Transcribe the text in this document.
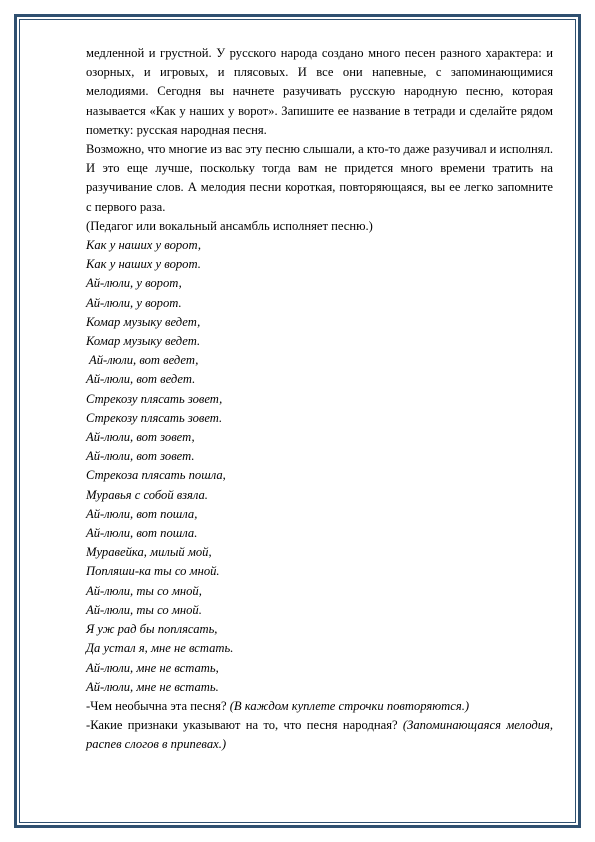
медленной и грустной. У русского народа создано много песен разного характера: и озорных, и игровых, и плясовых. И все они напевные, с запоминающимися мелодиями. Сегодня вы начнете разучивать русскую народную песню, которая называется «Как у наших у ворот». Запишите ее название в тетради и сделайте рядом пометку: русская народная песня.

Возможно, что многие из вас эту песню слышали, а кто-то даже разучивал и исполнял. И это еще лучше, поскольку тогда вам не придется много времени тратить на разучивание слов. А мелодия песни короткая, повторяющаяся, вы ее легко запомните с первого раза.

(Педагог или вокальный ансамбль исполняет песню.)

Как у наших у ворот,

Как у наших у ворот.

Ай-люли, у ворот,

Ай-люли, у ворот.

Комар музыку ведет,

Комар музыку ведет.

Ай-люли, вот ведет,

Ай-люли, вот ведет.

Стрекозу плясать зовет,

Стрекозу плясать зовет.

Ай-люли, вот зовет,

Ай-люли, вот зовет.

Стрекоза плясать пошла,

Муравья с собой взяла.

Ай-люли, вот пошла,

Ай-люли, вот пошла.

Муравейка, милый мой,

Попляши-ка ты со мной.

Ай-люли, ты со мной,

Ай-люли, ты со мной.

Я уж рад бы поплясать,

Да устал я, мне не встать.

Ай-люли, мне не встать,

Ай-люли, мне не встать.

-Чем необычна эта песня? (В каждом куплете строчки повторяются.)

-Какие признаки указывают на то, что песня народная? (Запоминающаяся мелодия, распев слогов в припевах.)
